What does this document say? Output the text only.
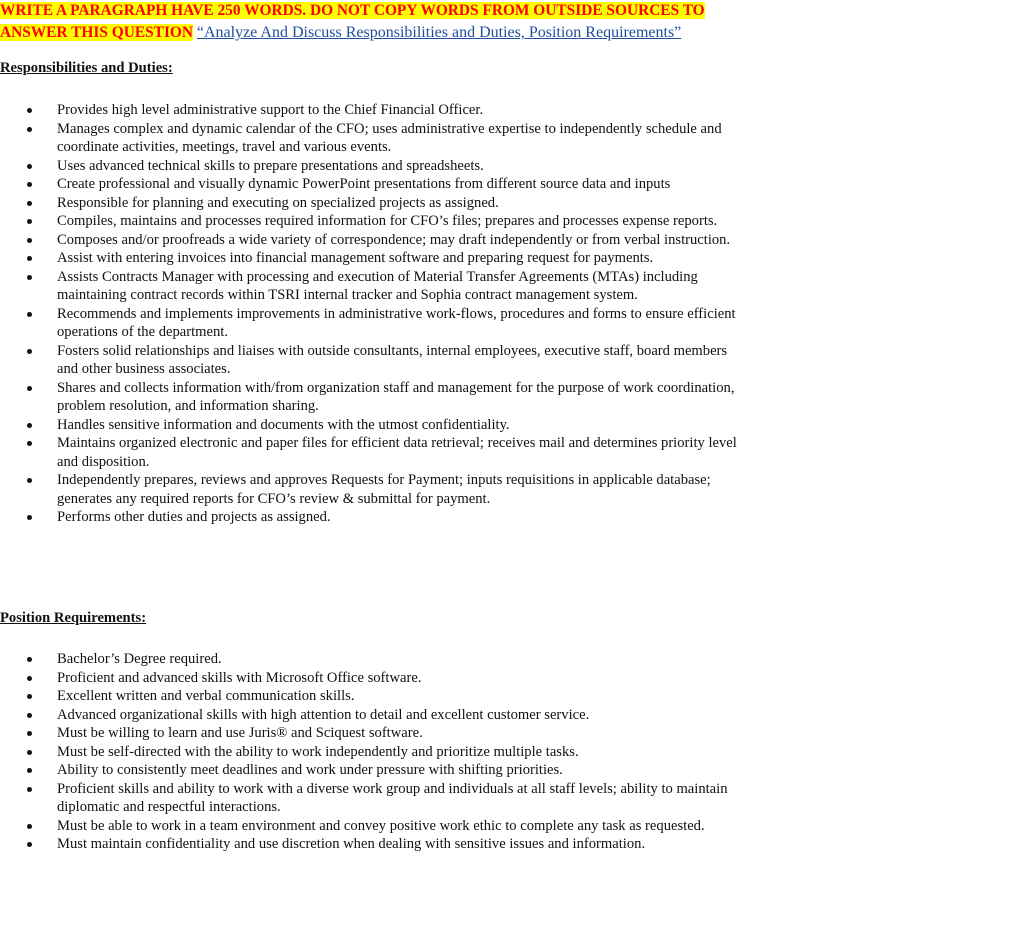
WRITE A PARAGRAPH HAVE 250 WORDS. DO NOT COPY WORDS FROM OUTSIDE SOURCES TO
ANSWER THIS QUESTION “Analyze And Discuss Responsibilities and Duties, Position Requirements”

Responsibilities and Duties:

Provides high level administrative support to the Chief Financial Officer.
Manages complex and dynamic calendar of the CFO; uses administrative expertise to independently schedule and coordinate activities, meetings, travel and various events.
Uses advanced technical skills to prepare presentations and spreadsheets.
Create professional and visually dynamic PowerPoint presentations from different source data and inputs
Responsible for planning and executing on specialized projects as assigned.
Compiles, maintains and processes required information for CFO’s files; prepares and processes expense reports.
Composes and/or proofreads a wide variety of correspondence; may draft independently or from verbal instruction.
Assist with entering invoices into financial management software and preparing request for payments.
Assists Contracts Manager with processing and execution of Material Transfer Agreements (MTAs) including maintaining contract records within TSRI internal tracker and Sophia contract management system.
Recommends and implements improvements in administrative work-flows, procedures and forms to ensure efficient operations of the department.
Fosters solid relationships and liaises with outside consultants, internal employees, executive staff, board members and other business associates.
Shares and collects information with/from organization staff and management for the purpose of work coordination, problem resolution, and information sharing.
Handles sensitive information and documents with the utmost confidentiality.
Maintains organized electronic and paper files for efficient data retrieval; receives mail and determines priority level and disposition.
Independently prepares, reviews and approves Requests for Payment; inputs requisitions in applicable database; generates any required reports for CFO’s review & submittal for payment.
Performs other duties and projects as assigned.

Position Requirements:

Bachelor’s Degree required.
Proficient and advanced skills with Microsoft Office software.
Excellent written and verbal communication skills.
Advanced organizational skills with high attention to detail and excellent customer service.
Must be willing to learn and use Juris® and Sciquest software.
Must be self-directed with the ability to work independently and prioritize multiple tasks.
Ability to consistently meet deadlines and work under pressure with shifting priorities.
Proficient skills and ability to work with a diverse work group and individuals at all staff levels; ability to maintain diplomatic and respectful interactions.
Must be able to work in a team environment and convey positive work ethic to complete any task as requested.
Must maintain confidentiality and use discretion when dealing with sensitive issues and information.
